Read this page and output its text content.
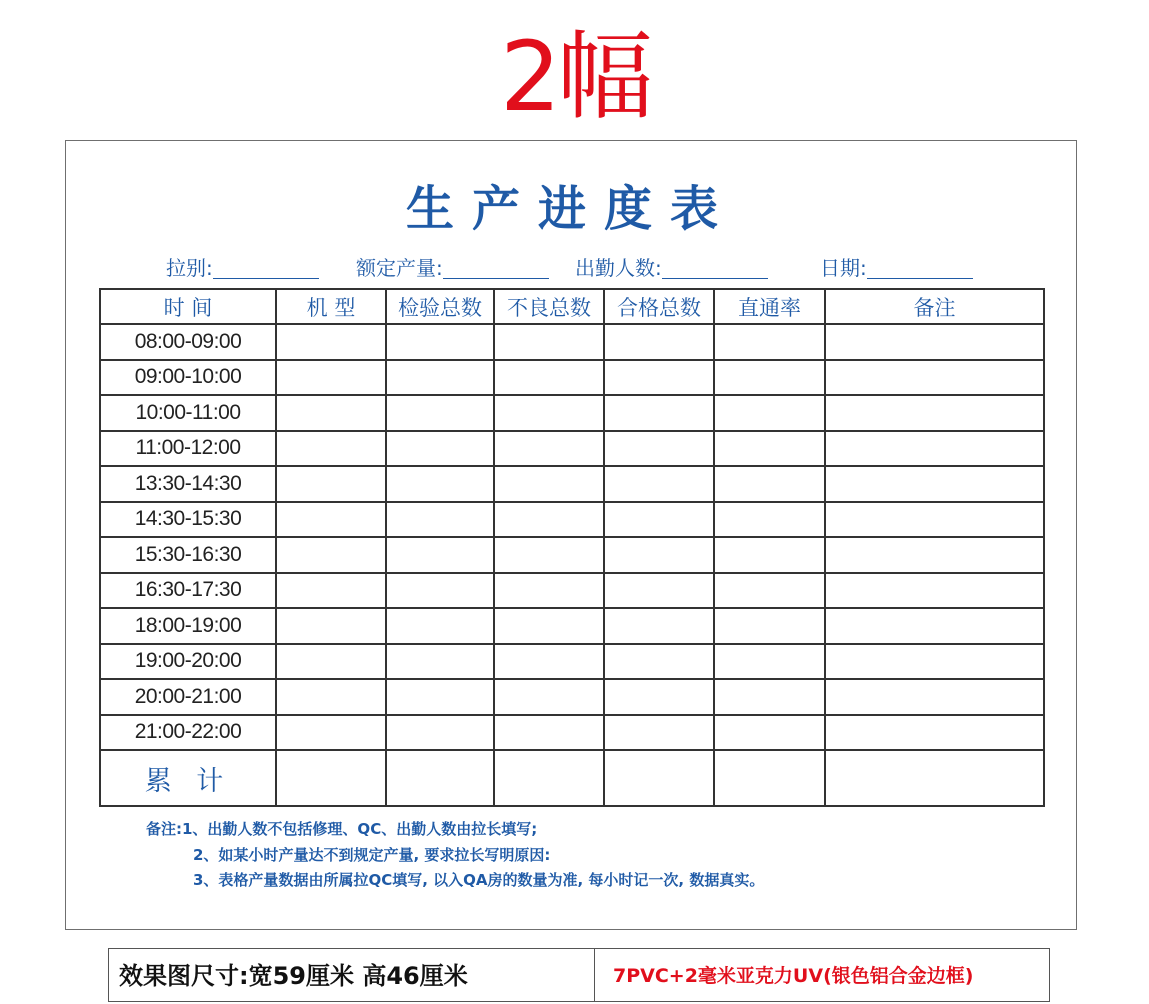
2幅
生产进度表
拉别:	额定产量:	出勤人数:	日期:
时 间	机 型	检验总数	不良总数	合格总数	直通率	备注
08:00-09:00						
09:00-10:00						
10:00-11:00						
11:00-12:00						
13:30-14:30						
14:30-15:30						
15:30-16:30						
16:30-17:30						
18:00-19:00						
19:00-20:00						
20:00-21:00						
21:00-22:00						
累 计						
备注:1、出勤人数不包括修理、QC、出勤人数由拉长填写;
2、如某小时产量达不到规定产量, 要求拉长写明原因:
3、表格产量数据由所属拉QC填写, 以入QA房的数量为准, 每小时记一次, 数据真实。
效果图尺寸:宽59厘米 高46厘米	7PVC+2毫米亚克力UV(银色铝合金边框)
